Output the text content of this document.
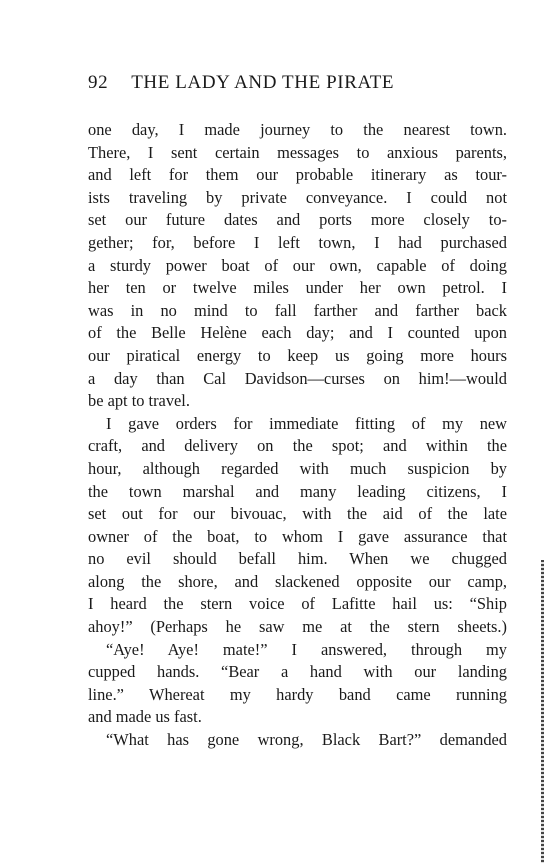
92 THE LADY AND THE PIRATE
one day, I made journey to the nearest town.
There, I sent certain messages to anxious parents,
and left for them our probable itinerary as tour-
ists traveling by private conveyance. I could not
set our future dates and ports more closely to-
gether; for, before I left town, I had purchased
a sturdy power boat of our own, capable of doing
her ten or twelve miles under her own petrol. I
was in no mind to fall farther and farther back
of the Belle Helène each day; and I counted upon
our piratical energy to keep us going more hours
a day than Cal Davidson—curses on him!—would
be apt to travel.
I gave orders for immediate fitting of my new
craft, and delivery on the spot; and within the
hour, although regarded with much suspicion by
the town marshal and many leading citizens, I
set out for our bivouac, with the aid of the late
owner of the boat, to whom I gave assurance that
no evil should befall him. When we chugged
along the shore, and slackened opposite our camp,
I heard the stern voice of Lafitte hail us: “Ship
ahoy!” (Perhaps he saw me at the stern sheets.)
“Aye! Aye! mate!” I answered, through my
cupped hands. “Bear a hand with our landing
line.” Whereat my hardy band came running
and made us fast.
“What has gone wrong, Black Bart?” demanded
